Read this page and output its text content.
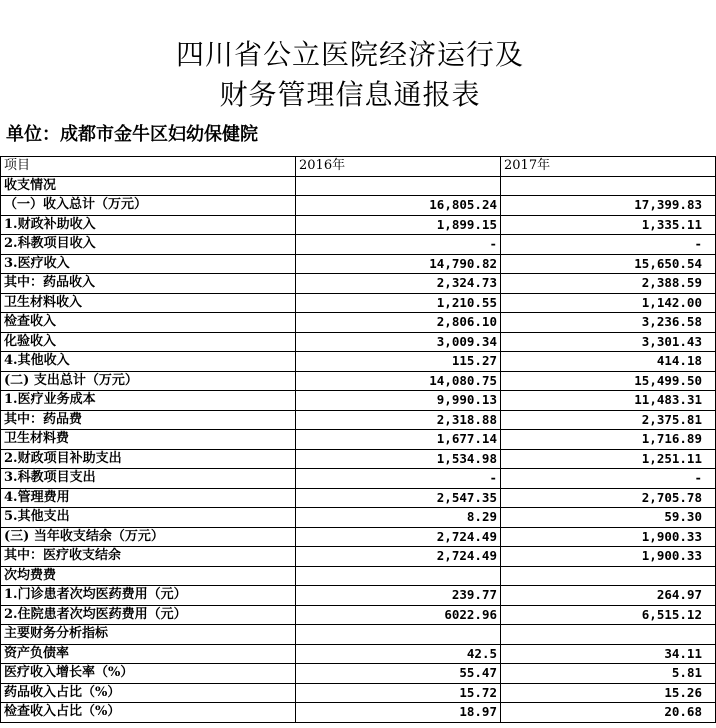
四川省公立医院经济运行及
财务管理信息通报表
单位：成都市金牛区妇幼保健院
项目	2016年	2017年
收支情况		
（一）收入总计（万元）	16,805.24	17,399.83
1.财政补助收入	1,899.15	1,335.11
2.科教项目收入	-	-
3.医疗收入	14,790.82	15,650.54
其中：药品收入	2,324.73	2,388.59
卫生材料收入	1,210.55	1,142.00
检查收入	2,806.10	3,236.58
化验收入	3,009.34	3,301.43
4.其他收入	115.27	414.18
(二) 支出总计（万元）	14,080.75	15,499.50
1.医疗业务成本	9,990.13	11,483.31
其中：药品费	2,318.88	2,375.81
卫生材料费	1,677.14	1,716.89
2.财政项目补助支出	1,534.98	1,251.11
3.科教项目支出	-	-
4.管理费用	2,547.35	2,705.78
5.其他支出	8.29	59.30
(三) 当年收支结余（万元）	2,724.49	1,900.33
其中：医疗收支结余	2,724.49	1,900.33
次均费费		
1.门诊患者次均医药费用（元）	239.77	264.97
2.住院患者次均医药费用（元）	6022.96	6,515.12
主要财务分析指标		
资产负债率	42.5	34.11
医疗收入增长率（%）	55.47	5.81
药品收入占比（%）	15.72	15.26
检查收入占比（%）	18.97	20.68
